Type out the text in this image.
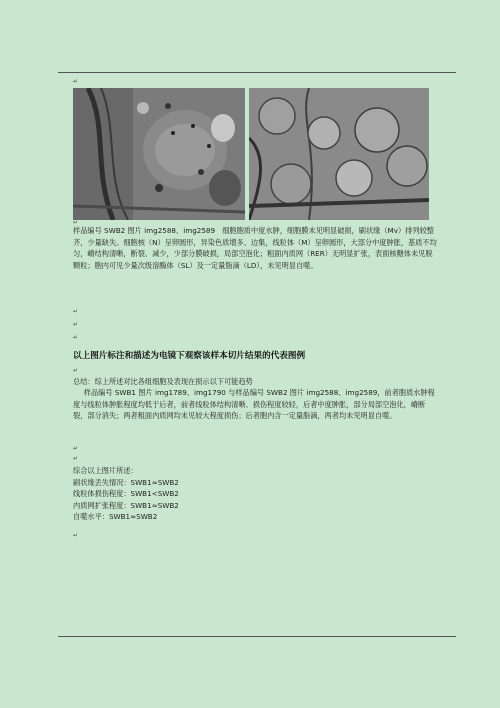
↵
↵

样品编号 SWB2 图片 img2588、img2589　细胞胞质中度水肿，细胞膜未见明显破损，刷状缘（Mv）排列较整齐，少量缺失。细胞核（N）呈卵圆形，异染色质增多、边集，线粒体（M）呈卵圆形，大部分中度肿胀，基质不均匀，嵴结构清晰，断裂、减少，少部分膜破损，局部空泡化；粗面内质网（RER）无明显扩张，表面核糖体未见脱颗粒；胞内可见少量次级溶酶体（SL）及一定量脂滴（LD），未见明显自噬。

↵
↵
↵
以上图片标注和描述为电镜下观察该样本切片结果的代表图例
↵

总结：综上所述对比各组细胞及表现在损示以下可能趋势

样品编号 SWB1 图片 img1789、img1790 与样品编号 SWB2 图片 img2588、img2589，前者胞质水肿程度与线粒体肿胀程度均低于后者，前者线粒体结构清晰、损伤程度较轻，后者中度肿胀，部分局部空泡化，嵴断裂，部分消失；两者粗面内质网均未见较大程度损伤；后者胞内含一定量脂滴，两者均未见明显自噬。

↵
↵

综合以上图片所述：

刷状缘丢失情况：SWB1≈SWB2

线粒体损伤程度：SWB1<SWB2

内质网扩张程度：SWB1≈SWB2

自噬水平：SWB1≈SWB2

↵
